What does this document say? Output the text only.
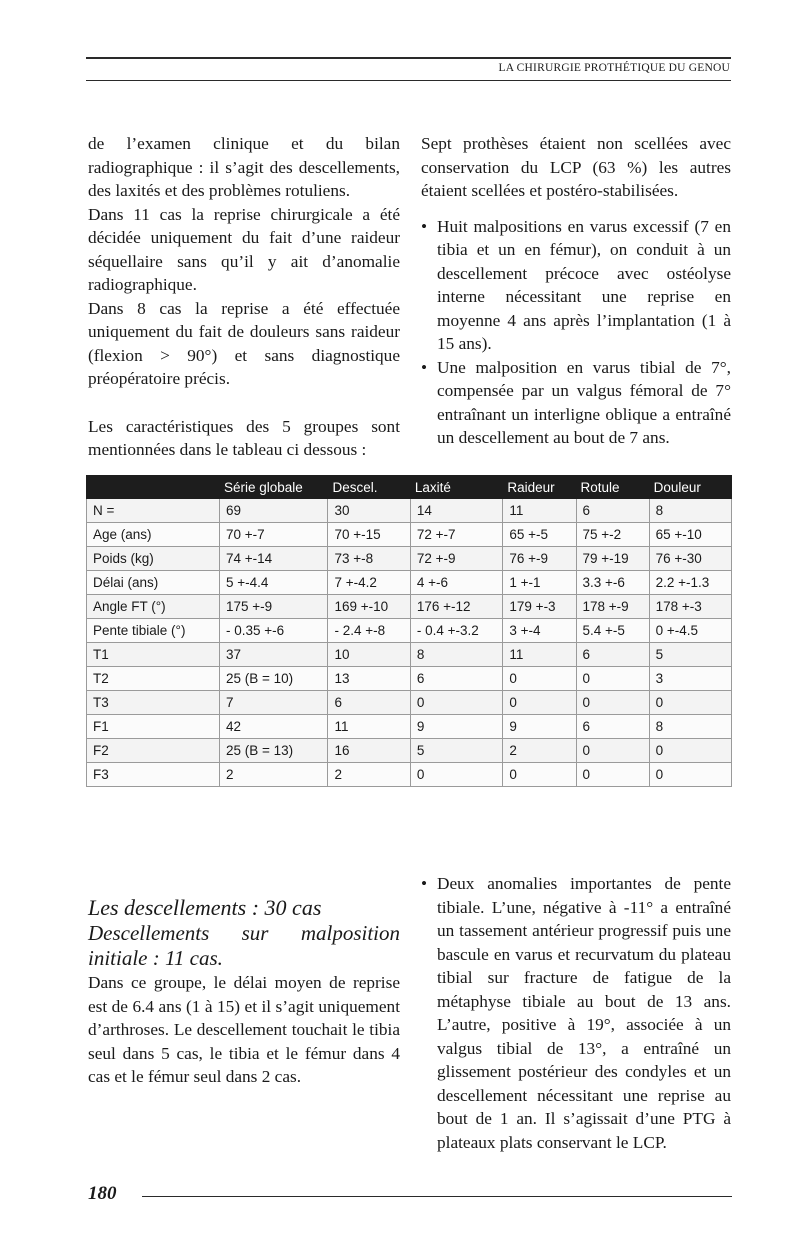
LA CHIRURGIE PROTHÉTIQUE DU GENOU

de l’examen clinique et du bilan radiographique : il s’agit des descellements, des laxités et des problèmes rotuliens.

Dans 11 cas la reprise chirurgicale a été décidée uniquement du fait d’une raideur séquellaire sans qu’il y ait d’anomalie radiographique.

Dans 8 cas la reprise a été effectuée uniquement du fait de douleurs sans raideur (flexion > 90°) et sans diagnostique préopératoire précis.

Les caractéristiques des 5 groupes sont mentionnées dans le tableau ci dessous :

Sept prothèses étaient non scellées avec conservation du LCP (63 %) les autres étaient scellées et postéro-stabilisées.

• Huit malpositions en varus excessif (7 en tibia et un en fémur), on conduit à un descellement précoce avec ostéolyse interne nécessitant une reprise en moyenne 4 ans après l’implantation (1 à 15 ans).
• Une malposition en varus tibial de 7°, compensée par un valgus fémoral de 7° entraînant un interligne oblique a entraîné un descellement au bout de 7 ans.
	Série globale	Descel.	Laxité	Raideur	Rotule	Douleur
N =	69	30	14	11	6	8
Age (ans)	70 +-7	70 +-15	72 +-7	65 +-5	75 +-2	65 +-10
Poids (kg)	74 +-14	73 +-8	72 +-9	76 +-9	79 +-19	76 +-30
Délai (ans)	5 +-4.4	7 +-4.2	4 +-6	1 +-1	3.3 +-6	2.2 +-1.3
Angle FT (°)	175 +-9	169 +-10	176 +-12	179 +-3	178 +-9	178 +-3
Pente tibiale (°)	- 0.35 +-6	- 2.4 +-8	- 0.4 +-3.2	3 +-4	5.4 +-5	0 +-4.5
T1	37	10	8	11	6	5
T2	25 (B = 10)	13	6	0	0	3
T3	7	6	0	0	0	0
F1	42	11	9	9	6	8
F2	25 (B = 13)	16	5	2	0	0
F3	2	2	0	0	0	0

Les descellements : 30 cas

Descellements sur malposition initiale : 11 cas.

Dans ce groupe, le délai moyen de reprise est de 6.4 ans (1 à 15) et il s’agit uniquement d’arthroses. Le descellement touchait le tibia seul dans 5 cas, le tibia et le fémur dans 4 cas et le fémur seul dans 2 cas.

• Deux anomalies importantes de pente tibiale. L’une, négative à -11° a entraîné un tassement antérieur progressif puis une bascule en varus et recurvatum du plateau tibial sur fracture de fatigue de la métaphyse tibiale au bout de 13 ans. L’autre, positive à 19°, associée à un valgus tibial de 13°, a entraîné un glissement postérieur des condyles et un descellement nécessitant une reprise au bout de 1 an. Il s’agissait d’une PTG à plateaux plats conservant le LCP.
180
